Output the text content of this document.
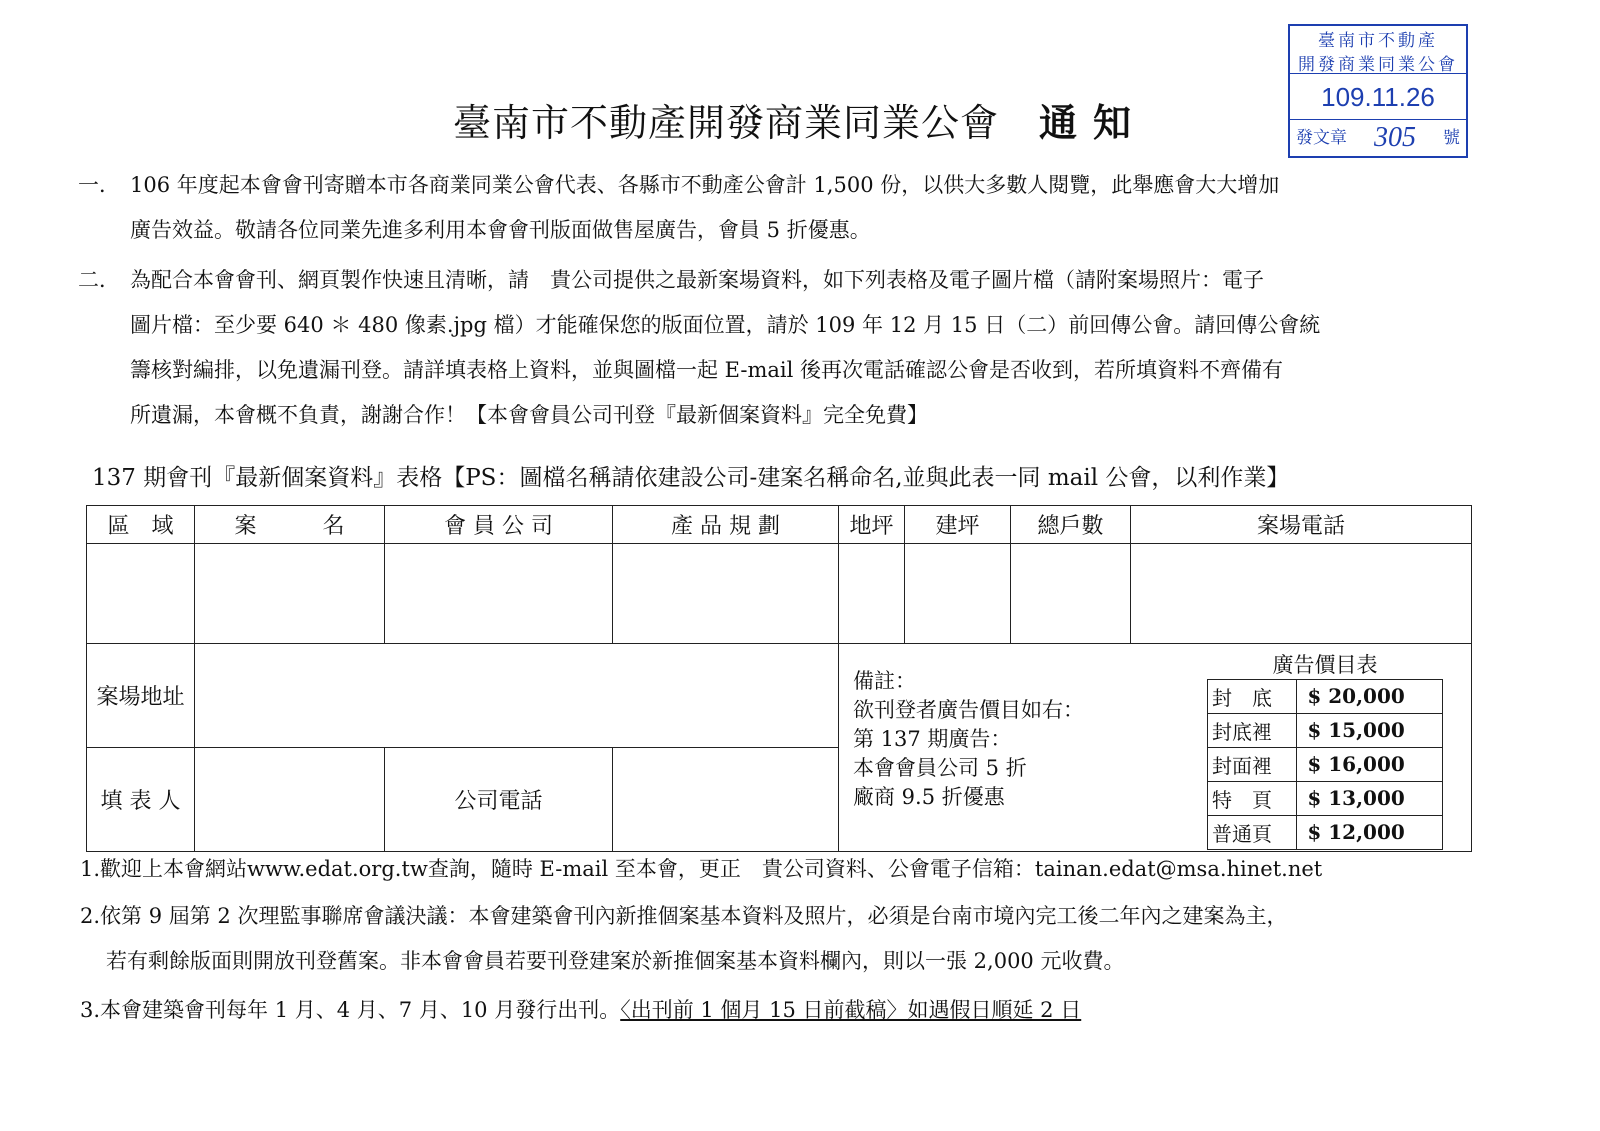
臺南市不動產
開發商業同業公會
109.11.26
發文章 305 號
臺南市不動產開發商業同業公會 通知
一． 106 年度起本會會刊寄贈本市各商業同業公會代表、各縣市不動產公會計 1,500 份，以供大多數人閱覽，此舉應會大大增加
廣告效益。敬請各位同業先進多利用本會會刊版面做售屋廣告，會員 5 折優惠。
二． 為配合本會會刊、網頁製作快速且清晰，請　貴公司提供之最新案場資料，如下列表格及電子圖片檔（請附案場照片：電子
圖片檔：至少要 640 ＊ 480 像素.jpg 檔）才能確保您的版面位置，請於 109 年 12 月 15 日（二）前回傳公會。請回傳公會統
籌核對編排，以免遺漏刊登。請詳填表格上資料，並與圖檔一起 E-mail 後再次電話確認公會是否收到，若所填資料不齊備有
所遺漏，本會概不負責，謝謝合作！【本會會員公司刊登『最新個案資料』完全免費】
137 期會刊『最新個案資料』表格【PS：圖檔名稱請依建設公司-建案名稱命名,並與此表一同 mail 公會，以利作業】
區　域	案　　　名	會 員 公 司	產 品 規 劃	地坪	建坪	總戶數	案場電話

案場地址		
備註：
欲刊登者廣告價目如右：
第 137 期廣告：
本會會員公司 5 折
廠商 9.5 折優惠
廣告價目表
封　底	$ 20,000
封底裡	$ 15,000
封面裡	$ 16,000
特　頁	$ 13,000
普通頁	$ 12,000

填 表 人		公司電話	
1.歡迎上本會網站www.edat.org.tw查詢，隨時 E-mail 至本會，更正　貴公司資料、公會電子信箱：tainan.edat@msa.hinet.net
2.依第 9 屆第 2 次理監事聯席會議決議：本會建築會刊內新推個案基本資料及照片，必須是台南市境內完工後二年內之建案為主，
若有剩餘版面則開放刊登舊案。非本會會員若要刊登建案於新推個案基本資料欄內，則以一張 2,000 元收費。
3.本會建築會刊每年 1 月、4 月、7 月、10 月發行出刊。〈出刊前 1 個月 15 日前截稿〉如遇假日順延 2 日
